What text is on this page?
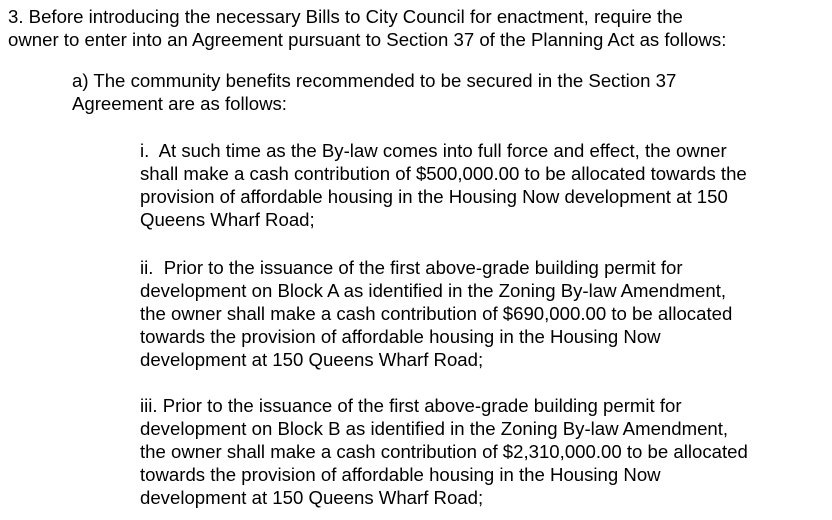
3. Before introducing the necessary Bills to City Council for enactment, require the
owner to enter into an Agreement pursuant to Section 37 of the Planning Act as follows:
a) The community benefits recommended to be secured in the Section 37
Agreement are as follows:
i.  At such time as the By-law comes into full force and effect, the owner
shall make a cash contribution of $500,000.00 to be allocated towards the
provision of affordable housing in the Housing Now development at 150
Queens Wharf Road;
ii.  Prior to the issuance of the first above-grade building permit for
development on Block A as identified in the Zoning By-law Amendment,
the owner shall make a cash contribution of $690,000.00 to be allocated
towards the provision of affordable housing in the Housing Now
development at 150 Queens Wharf Road;
iii. Prior to the issuance of the first above-grade building permit for
development on Block B as identified in the Zoning By-law Amendment,
the owner shall make a cash contribution of $2,310,000.00 to be allocated
towards the provision of affordable housing in the Housing Now
development at 150 Queens Wharf Road;
